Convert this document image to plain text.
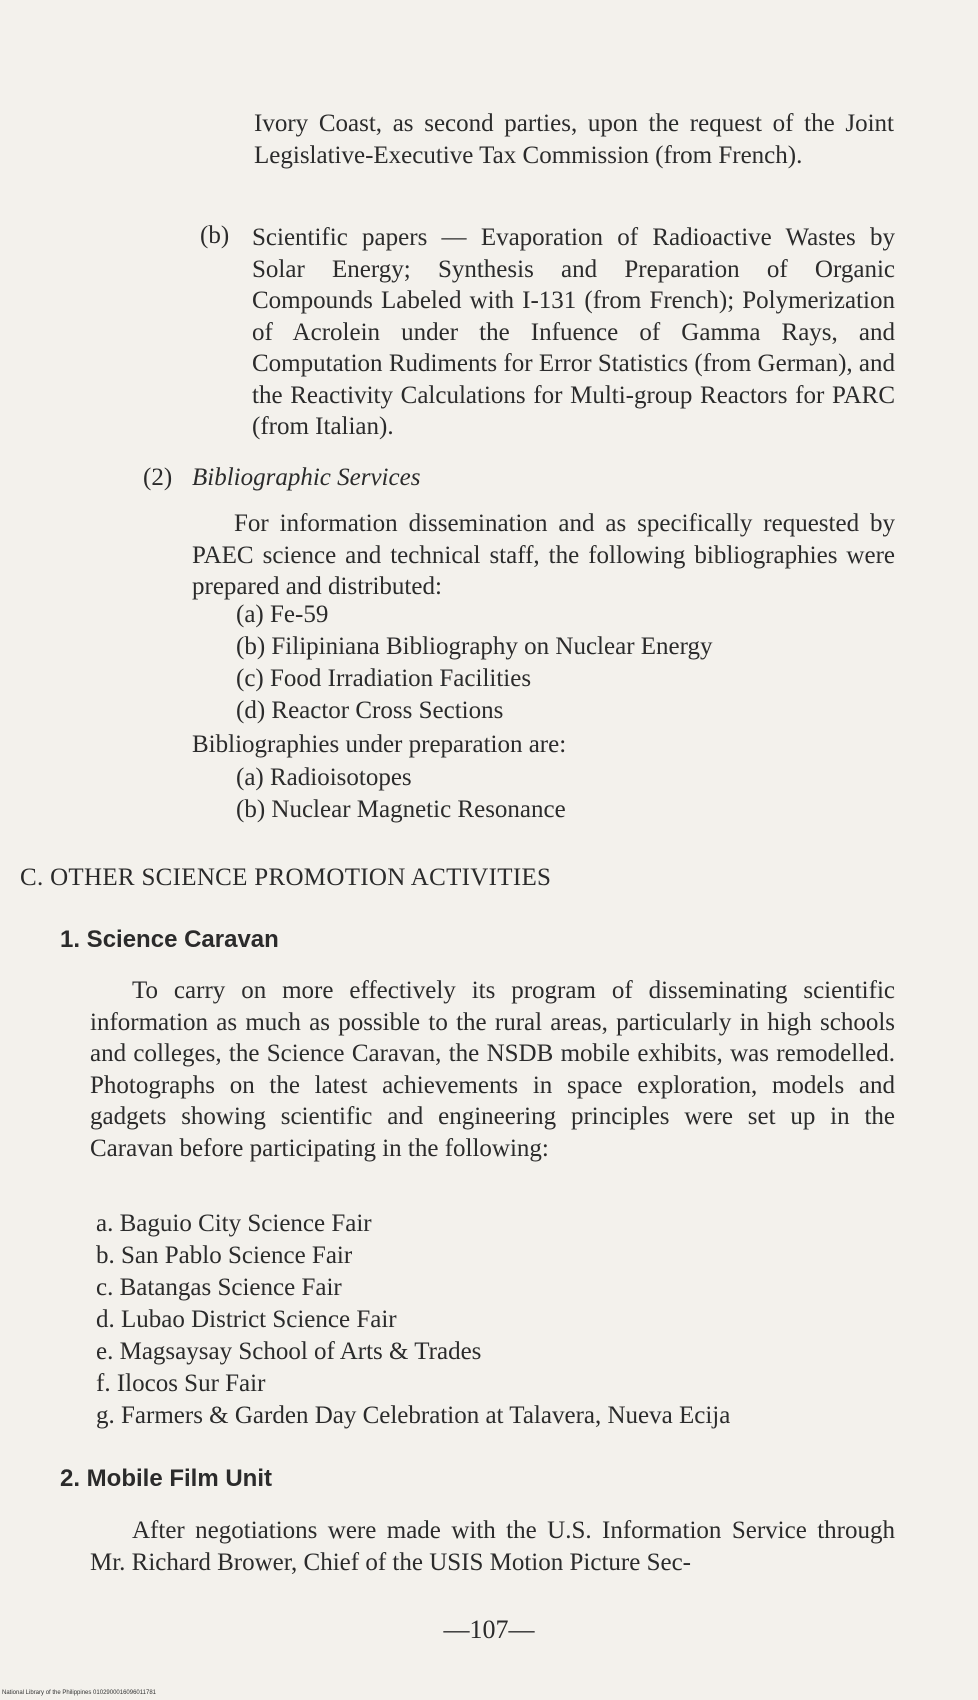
Ivory Coast, as second parties, upon the request of the Joint Legislative-Executive Tax Commission (from French).
(b) Scientific papers — Evaporation of Radioactive Wastes by Solar Energy; Synthesis and Preparation of Organic Compounds Labeled with I-131 (from French); Polymerization of Acrolein under the Infuence of Gamma Rays, and Computation Rudiments for Error Statistics (from German), and the Reactivity Calculations for Multi-group Reactors for PARC (from Italian).
(2) Bibliographic Services
For information dissemination and as specifically requested by PAEC science and technical staff, the following bibliographies were prepared and distributed:
(a) Fe-59
(b) Filipiniana Bibliography on Nuclear Energy
(c) Food Irradiation Facilities
(d) Reactor Cross Sections
Bibliographies under preparation are:
(a) Radioisotopes
(b) Nuclear Magnetic Resonance
C. OTHER SCIENCE PROMOTION ACTIVITIES
1. Science Caravan
To carry on more effectively its program of disseminating scientific information as much as possible to the rural areas, particularly in high schools and colleges, the Science Caravan, the NSDB mobile exhibits, was remodelled. Photographs on the latest achievements in space exploration, models and gadgets showing scientific and engineering principles were set up in the Caravan before participating in the following:
a. Baguio City Science Fair
b. San Pablo Science Fair
c. Batangas Science Fair
d. Lubao District Science Fair
e. Magsaysay School of Arts & Trades
f. Ilocos Sur Fair
g. Farmers & Garden Day Celebration at Talavera, Nueva Ecija
2. Mobile Film Unit
After negotiations were made with the U.S. Information Service through Mr. Richard Brower, Chief of the USIS Motion Picture Sec-
—107—
National Library of the Philippines 0102900016096011781
